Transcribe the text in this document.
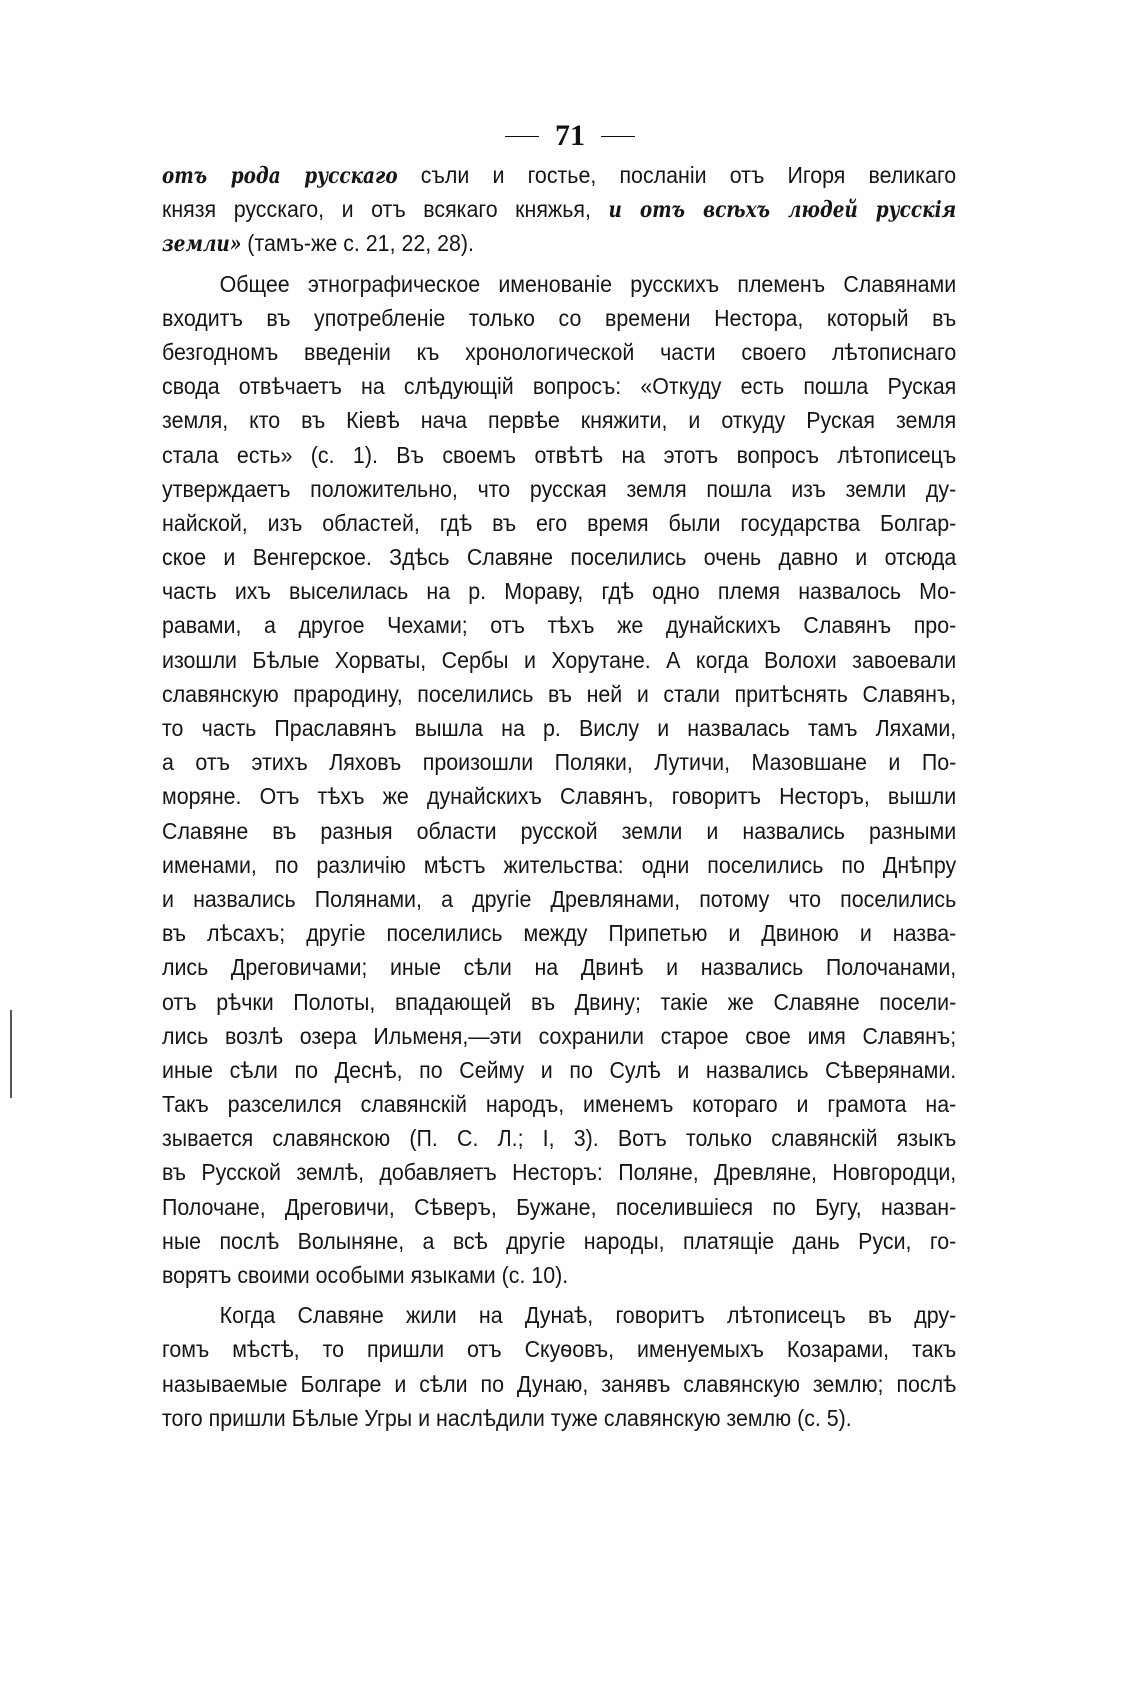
71
отъ рода русскаго съли и гостье, посланіи отъ Игоря великаго
князя русскаго, и отъ всякаго княжья, и отъ всѣхъ людей русскія
земли» (тамъ-же с. 21, 22, 28).
Общее этнографическое именованіе русскихъ племенъ Славянами
входитъ въ употребленіе только со времени Нестора, который въ
безгодномъ введеніи къ хронологической части своего лѣтописнаго
свода отвѣчаетъ на слѣдующій вопросъ: «Откуду есть пошла Руская
земля, кто въ Кіевѣ нача первѣе княжити, и откуду Руская земля
стала есть» (с. 1). Въ своемъ отвѣтѣ на этотъ вопросъ лѣтописецъ
утверждаетъ положительно, что русская земля пошла изъ земли ду-
найской, изъ областей, гдѣ въ его время были государства Болгар-
ское и Венгерское. Здѣсь Славяне поселились очень давно и отсюда
часть ихъ выселилась на р. Мораву, гдѣ одно племя назвалось Мо-
равами, а другое Чехами; отъ тѣхъ же дунайскихъ Славянъ про-
изошли Бѣлые Хорваты, Сербы и Хорутане. А когда Волохи завоевали
славянскую прародину, поселились въ ней и стали притѣснять Славянъ,
то часть Праславянъ вышла на р. Вислу и назвалась тамъ Ляхами,
а отъ этихъ Ляховъ произошли Поляки, Лутичи, Мазовшане и По-
моряне. Отъ тѣхъ же дунайскихъ Славянъ, говоритъ Несторъ, вышли
Славяне въ разныя области русской земли и назвались разными
именами, по различію мѣстъ жительства: одни поселились по Днѣпру
и назвались Полянами, а другіе Древлянами, потому что поселились
въ лѣсахъ; другіе поселились между Припетью и Двиною и назва-
лись Дреговичами; иные сѣли на Двинѣ и назвались Полочанами,
отъ рѣчки Полоты, впадающей въ Двину; такіе же Славяне посели-
лись возлѣ озера Ильменя,—эти сохранили старое свое имя Славянъ;
иные сѣли по Деснѣ, по Сейму и по Сулѣ и назвались Сѣверянами.
Такъ разселился славянскій народъ, именемъ котораго и грамота на-
зывается славянскою (П. С. Л.; I, 3). Вотъ только славянскій языкъ
въ Русской землѣ, добавляетъ Несторъ: Поляне, Древляне, Новгородци,
Полочане, Дреговичи, Сѣверъ, Бужане, поселившіеся по Бугу, назван-
ные послѣ Волыняне, а всѣ другіе народы, платящіе дань Руси, го-
ворятъ своими особыми языками (с. 10).
Когда Славяне жили на Дунаѣ, говоритъ лѣтописецъ въ дру-
гомъ мѣстѣ, то пришли отъ Скуѳовъ, именуемыхъ Козарами, такъ
называемые Болгаре и сѣли по Дунаю, занявъ славянскую землю; послѣ
того пришли Бѣлые Угры и наслѣдили туже славянскую землю (с. 5).
